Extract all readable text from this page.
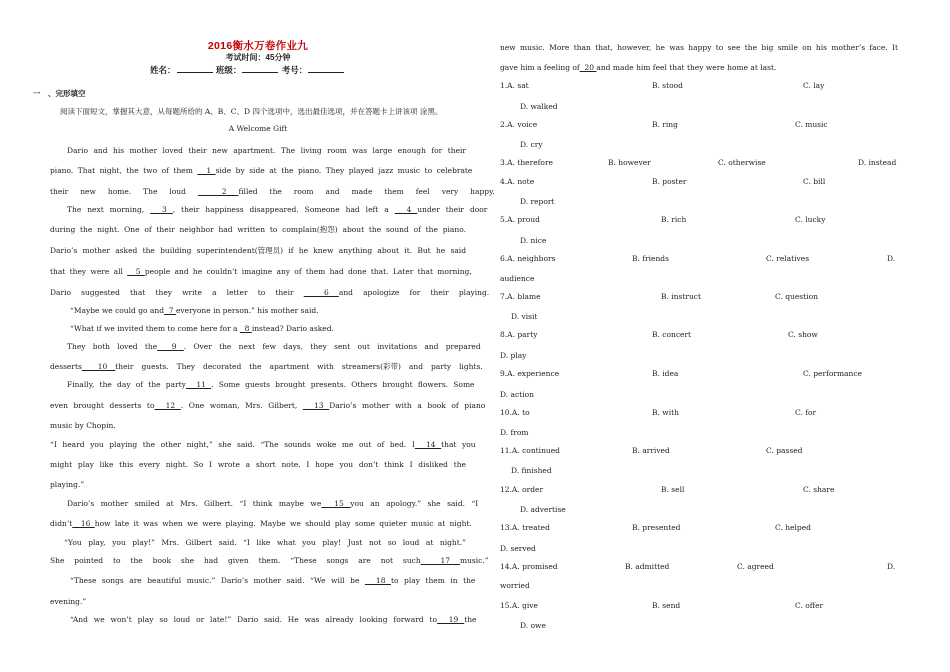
2016衡水万卷作业九
考试时间：45分钟
姓名：	班级：	考号：
一　、完形填空
阅读下面短文，掌握其大意，从每题所给的 A、B、C、D 四个选项中，选出最佳选项，并在答题卡上讲该项 涂黑。
A Welcome Gift
Dario and his mother loved their new apartment. The living room was large enough for their
piano. That night, the two of them   1 side by side at the piano. They played jazz music to celebrate
their new home. The loud   2 filled the room and made them feel very happy.
The next morning,   3 , their happiness disappeared. Someone had left a   4 under their door
during the night. One of their neighbor had written to complain(抱怨) about the sound of the piano.
Dario’s mother asked the building superintendent(管理员) if he knew anything about it. But he said
that they were all   5 people and he couldn’t imagine any of them had done that. Later that morning,
Dario suggested that they write a letter to their   6 and apologize for their playing.
“Maybe we could go and  7 everyone in person.” his mother said.
“What if we invited them to come here for a   8 instead? Dario asked.
They both loved the  9 . Over the next few days, they sent out invitations and prepared
desserts  10 their guests. They decorated the apartment with streamers(彩带) and party lights.
Finally, the day of the party  11 . Some guests brought presents. Others brought flowers. Some
even brought desserts to  12 . One woman, Mrs. Gilbert,   13 Dario’s mother with a book of piano
music by Chopin.
“I heard you playing the other night,” she said. “The sounds woke me out of bed. I  14 that you
might play like this every night. So I wrote a short note. I hope you don’t think I disliked the
playing.”
Dario’s mother smiled at Mrs. Gilbert. “I think maybe we  15 you an apology.” she said. “I
didn’t  16 how late it was when we were playing. Maybe we should play some quieter music at night.
“You play, you play!” Mrs. Gilbert said. “I like what you play! Just not so loud at night.”
She pointed to the book she had given them. “These songs are not such  17 music.”
“These songs are beautiful music.” Dario’s mother said. “We will be   18 to play them in the
evening.”
“And we won’t play so loud or late!” Dario said. He was already looking forward to  19 the
new music. More than that, however, he was happy to see the big smile on his mother’s face. It
gave him a feeling of  20 and made him feel that they were home at last.
1.A. sat	B. stood	C. lay
D. walked
2.A. voice	B. ring	C. music
D. cry
3.A. therefore	B. however	C. otherwise	D. instead
4.A. note	B. poster	C. bill
D. report
5.A. proud	B. rich	C. lucky
D. nice
6.A. neighbors	B. friends	C. relatives	D.
audience
7.A. blame	B. instruct	C. question
D. visit
8.A. party	B. concert	C. show
D. play
9.A. experience	B. idea	C. performance
D. action
10.A. to	B. with	C. for
D. from
11.A. continued	B. arrived	C. passed
D. finished
12.A. order	B. sell	C. share
D. advertise
13.A. treated	B. presented	C. helped
D. served
14.A. promised	B. admitted	C. agreed	D.
worried
15.A. give	B. send	C. offer
D. owe
